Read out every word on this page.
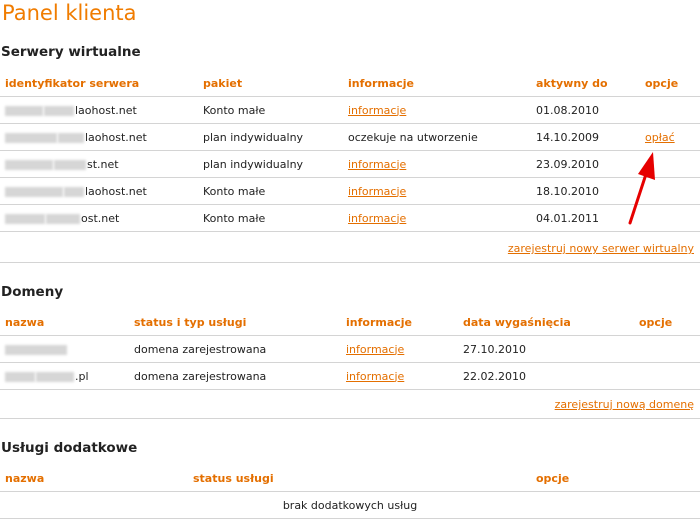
Panel klienta
Serwery wirtualne
identyfikator serwera	pakiet	informacje	aktywny do	opcje
laohost.net	Konto małe	informacje	01.08.2010	
laohost.net	plan indywidualny	oczekuje na utworzenie	14.10.2009	opłać
st.net	plan indywidualny	informacje	23.09.2010	
laohost.net	Konto małe	informacje	18.10.2010	
ost.net	Konto małe	informacje	04.01.2011	
zarejestruj nowy serwer wirtualny
Domeny
nazwa	status i typ usługi	informacje	data wygaśnięcia	opcje
	domena zarejestrowana	informacje	27.10.2010	
.pl	domena zarejestrowana	informacje	22.02.2010	
zarejestruj nową domenę
Usługi dodatkowe
nazwa	status usługi	opcje
brak dodatkowych usług
